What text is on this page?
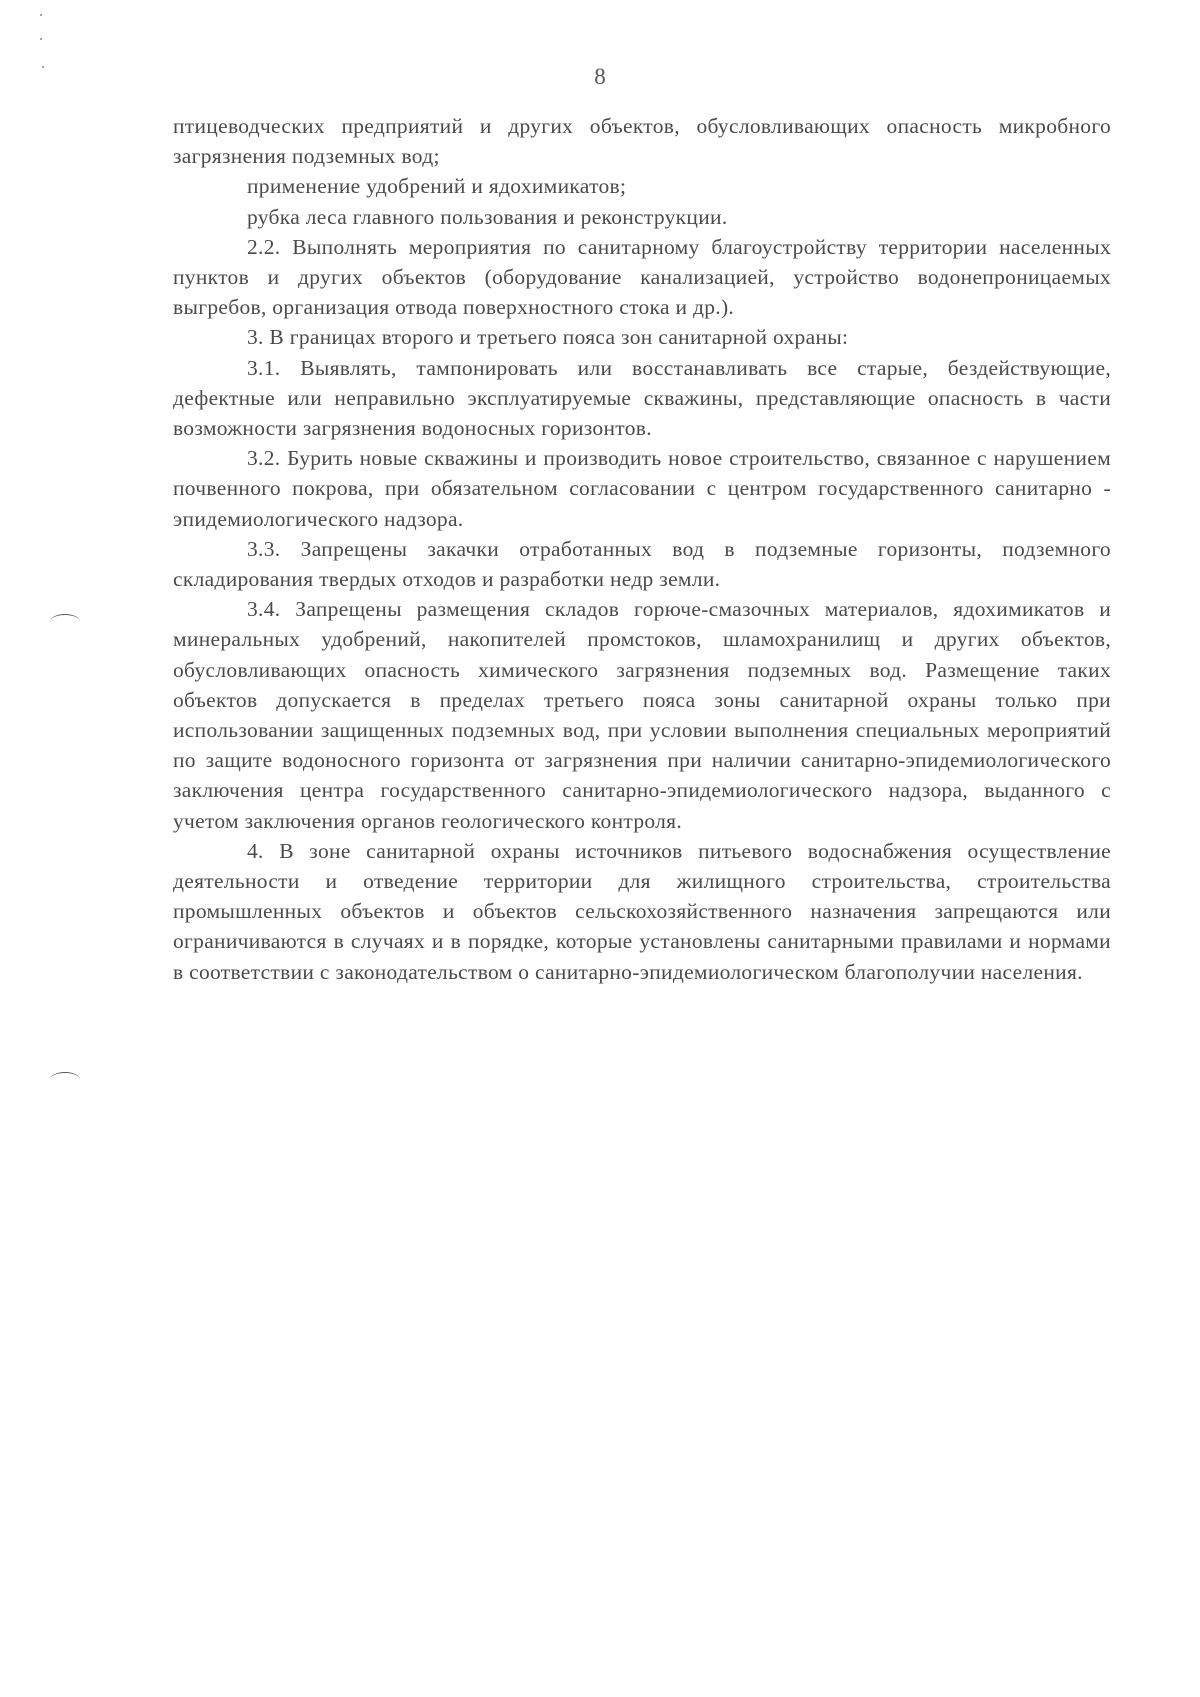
8

птицеводческих предприятий и других объектов, обусловливающих опасность микробного загрязнения подземных вод;

применение удобрений и ядохимикатов;

рубка леса главного пользования и реконструкции.

2.2. Выполнять мероприятия по санитарному благоустройству территории населенных пунктов и других объектов (оборудование канализацией, устройство водонепроницаемых выгребов, организация отвода поверхностного стока и др.).

3. В границах второго и третьего пояса зон санитарной охраны:

3.1. Выявлять, тампонировать или восстанавливать все старые, бездействующие, дефектные или неправильно эксплуатируемые скважины, представляющие опасность в части возможности загрязнения водоносных горизонтов.

3.2. Бурить новые скважины и производить новое строительство, связанное с нарушением почвенного покрова, при обязательном согласовании с центром государственного санитарно - эпидемиологического надзора.

3.3. Запрещены закачки отработанных вод в подземные горизонты, подземного складирования твердых отходов и разработки недр земли.

3.4. Запрещены размещения складов горюче-смазочных материалов, ядохимикатов и минеральных удобрений, накопителей промстоков, шламохранилищ и других объектов, обусловливающих опасность химического загрязнения подземных вод. Размещение таких объектов допускается в пределах третьего пояса зоны санитарной охраны только при использовании защищенных подземных вод, при условии выполнения специальных мероприятий по защите водоносного горизонта от загрязнения при наличии санитарно-эпидемиологического заключения центра государственного санитарно-эпидемиологического надзора, выданного с учетом заключения органов геологического контроля.

4. В зоне санитарной охраны источников питьевого водоснабжения осуществление деятельности и отведение территории для жилищного строительства, строительства промышленных объектов и объектов сельскохозяйственного назначения запрещаются или ограничиваются в случаях и в порядке, которые установлены санитарными правилами и нормами в соответствии с законодательством о санитарно-эпидемиологическом благополучии населения.
